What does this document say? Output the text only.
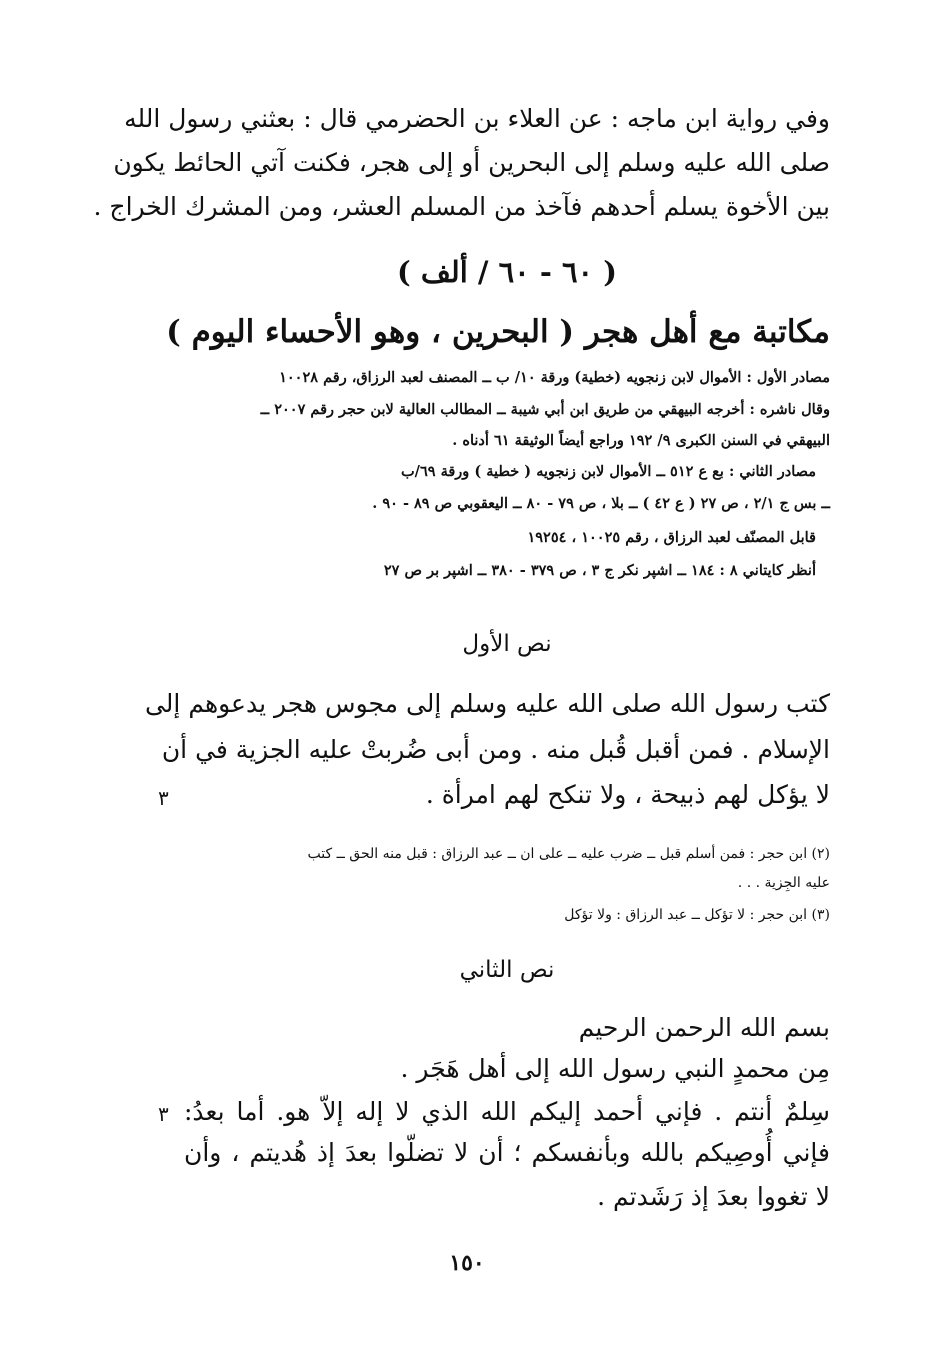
وفي رواية ابن ماجه : عن العلاء بن الحضرمي قال : بعثني رسول الله
صلى الله عليه وسلم إلى البحرين أو إلى هجر، فكنت آتي الحائط يكون
بين الأخوة يسلم أحدهم فآخذ من المسلم العشر، ومن المشرك الخراج .
( ٦٠ - ٦٠ / ألف )
مكاتبة مع أهل هجر ( البحرين ، وهو الأحساء اليوم )
مصادر الأول : الأموال لابن زنجويه (خطية) ورقة ١٠/ ب ــ المصنف لعبد الرزاق، رقم ١٠٠٢٨
وقال ناشره : أخرجه البيهقي من طريق ابن أبي شيبة ــ المطالب العالية لابن حجر رقم ٢٠٠٧ ــ
البيهقي في السنن الكبرى ٩/ ١٩٢ وراجع أيضاً الوثيقة ٦١ أدناه .
مصادر الثاني : بع ع ٥١٢ ــ الأموال لابن زنجويه ( خطية ) ورقة ٦٩/ب
ــ بس ج ٢/١ ، ص ٢٧ ( ع ٤٢ ) ــ بلا ، ص ٧٩ - ٨٠ ــ اليعقوبي ص ٨٩ - ٩٠ .
قابل المصنّف لعبد الرزاق ، رقم ١٠٠٢٥ ، ١٩٢٥٤
أنظر كايتاني ٨ : ١٨٤ ــ اشپر نكر ج ٣ ، ص ٣٧٩ - ٣٨٠ ــ اشپر بر ص ٢٧
نص الأول
كتب رسول الله صلى الله عليه وسلم إلى مجوس هجر يدعوهم إلى
الإسلام . فمن أقبل قُبل منه . ومن أبى ضُربتْ عليه الجزية في أن
لا يؤكل لهم ذبيحة ، ولا تنكح لهم امرأة .
٣
(٢) ابن حجر : فمن أسلم قبل ــ ضرب عليه ــ على ان ــ عبد الرزاق : قبل منه الحق ــ كتب
عليه الجِزية . . .
(٣) ابن حجر : لا تؤكل ــ عبد الرزاق : ولا تؤكل
نص الثاني
بسم الله الرحمن الرحيم
مِن محمدٍ النبي رسول الله إلى أهل هَجَر .
سِلمٌ أنتم . فإني أحمد إليكم الله الذي لا إله إلاّ هو. أما بعدُ:
٣
فإني أُوصِيكم بالله وبأنفسكم ؛ أن لا تضلّوا بعدَ إذ هُديتم ، وأن
لا تغووا بعدَ إذ رَشَدتم .
١٥٠
